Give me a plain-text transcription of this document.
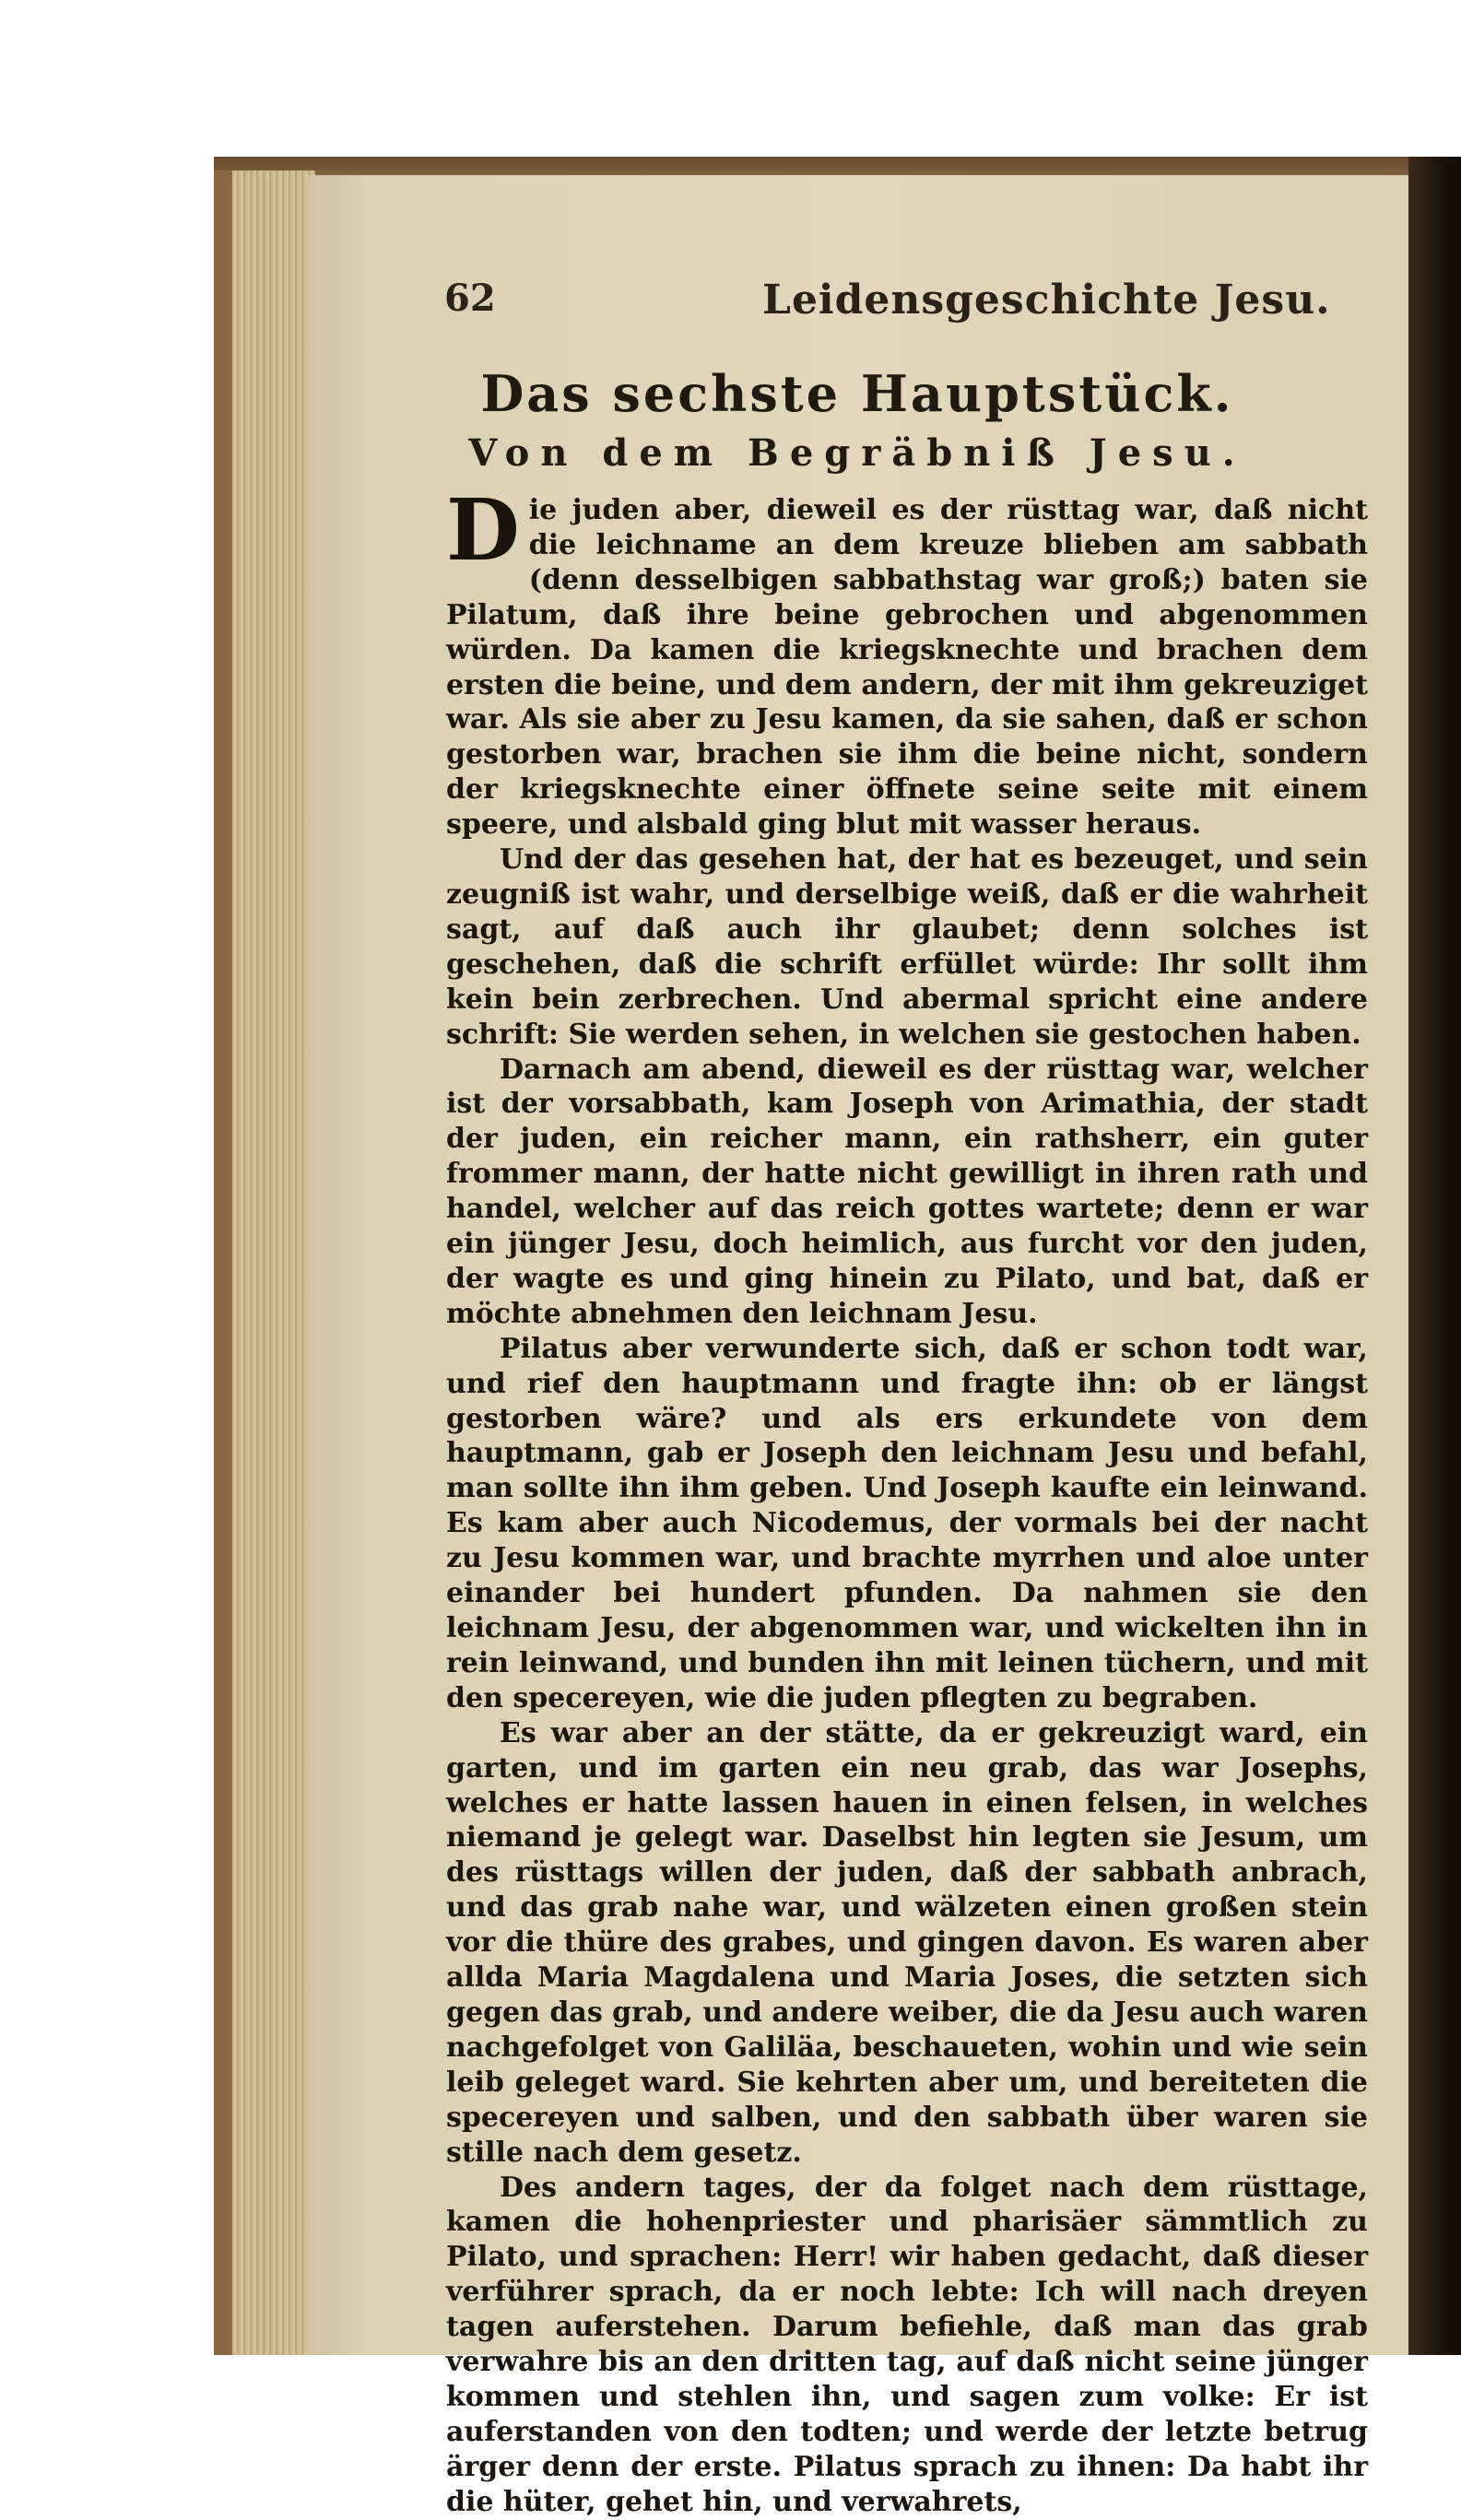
62	Leidensgeschichte Jesu.
Das sechste Hauptstück.
Von dem Begräbniß Jesu.

Die juden aber, dieweil es der rüsttag war, daß nicht die leichname an dem kreuze blieben am sabbath (denn desselbigen sabbathstag war groß;) baten sie Pilatum, daß ihre beine gebrochen und abgenommen würden. Da kamen die kriegsknechte und brachen dem ersten die beine, und dem andern, der mit ihm gekreuziget war. Als sie aber zu Jesu kamen, da sie sahen, daß er schon gestorben war, brachen sie ihm die beine nicht, sondern der kriegsknechte einer öffnete seine seite mit einem speere, und alsbald ging blut mit wasser heraus.

Und der das gesehen hat, der hat es bezeuget, und sein zeugniß ist wahr, und derselbige weiß, daß er die wahrheit sagt, auf daß auch ihr glaubet; denn solches ist geschehen, daß die schrift erfüllet würde: Ihr sollt ihm kein bein zerbrechen. Und abermal spricht eine andere schrift: Sie werden sehen, in welchen sie gestochen haben.

Darnach am abend, dieweil es der rüsttag war, welcher ist der vorsabbath, kam Joseph von Arimathia, der stadt der juden, ein reicher mann, ein rathsherr, ein guter frommer mann, der hatte nicht gewilligt in ihren rath und handel, welcher auf das reich gottes wartete; denn er war ein jünger Jesu, doch heimlich, aus furcht vor den juden, der wagte es und ging hinein zu Pilato, und bat, daß er möchte abnehmen den leichnam Jesu.

Pilatus aber verwunderte sich, daß er schon todt war, und rief den hauptmann und fragte ihn: ob er längst gestorben wäre? und als ers erkundete von dem hauptmann, gab er Joseph den leichnam Jesu und befahl, man sollte ihn ihm geben. Und Joseph kaufte ein leinwand. Es kam aber auch Nicodemus, der vormals bei der nacht zu Jesu kommen war, und brachte myrrhen und aloe unter einander bei hundert pfunden. Da nahmen sie den leichnam Jesu, der abgenommen war, und wickelten ihn in rein leinwand, und bunden ihn mit leinen tüchern, und mit den specereyen, wie die juden pflegten zu begraben.

Es war aber an der stätte, da er gekreuzigt ward, ein garten, und im garten ein neu grab, das war Josephs, welches er hatte lassen hauen in einen felsen, in welches niemand je gelegt war. Daselbst hin legten sie Jesum, um des rüsttags willen der juden, daß der sabbath anbrach, und das grab nahe war, und wälzeten einen großen stein vor die thüre des grabes, und gingen davon. Es waren aber allda Maria Magdalena und Maria Joses, die setzten sich gegen das grab, und andere weiber, die da Jesu auch waren nachgefolget von Galiläa, beschaueten, wohin und wie sein leib geleget ward. Sie kehrten aber um, und bereiteten die specereyen und salben, und den sabbath über waren sie stille nach dem gesetz.

Des andern tages, der da folget nach dem rüsttage, kamen die hohenpriester und pharisäer sämmtlich zu Pilato, und sprachen: Herr! wir haben gedacht, daß dieser verführer sprach, da er noch lebte: Ich will nach dreyen tagen auferstehen. Darum befiehle, daß man das grab verwahre bis an den dritten tag, auf daß nicht seine jünger kommen und stehlen ihn, und sagen zum volke: Er ist auferstanden von den todten; und werde der letzte betrug ärger denn der erste. Pilatus sprach zu ihnen: Da habt ihr die hüter, gehet hin, und verwahrets,
